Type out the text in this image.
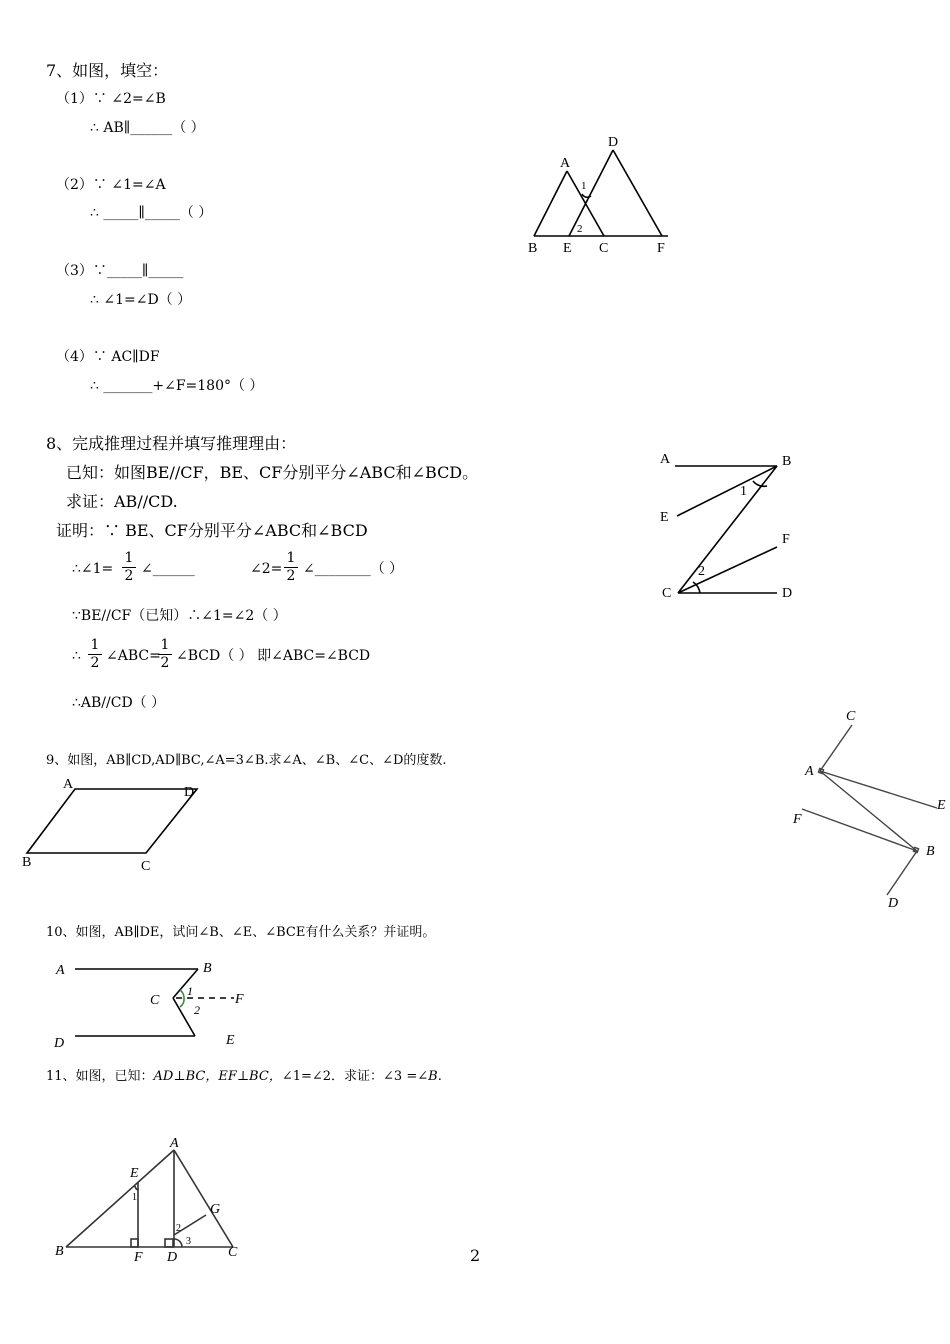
7、如图，填空：
（1）∵ ∠2=∠B
∴ AB∥______（ ）
（2）∵ ∠1=∠A
∴ _____∥_____（ ）
（3）∵_____∥_____
∴ ∠1=∠D（ ）
（4）∵ AC∥DF
∴ _______+∠F=180°（ ）
A
D
1
2
B E C	F
8、完成推理过程并填写推理理由：
已知：如图BE//CF，BE、CF分别平分∠ABC和∠BCD。
求证：AB//CD.
证明：∵ BE、CF分别平分∠ABC和∠BCD
∴∠1= $\frac{1}{2}$ ∠______	∠2= $\frac{1}{2}$ ∠________（ ）
∵BE//CF（已知）∴∠1=∠2（ ）
∴ $\frac{1}{2}$ ∠ABC=
$\frac{1}{2}$ ∠BCD（ ） 即∠ABC=∠BCD
∴AB//CD（ ）
A	B
E
1
F
2
C	D
9、如图，AB∥CD,AD∥BC,∠A=3∠B.求∠A、∠B、∠C、∠D的度数.
A
D
B	C
C
A
E
F
B
D
10、如图，AB∥DE，试问∠B、∠E、∠BCE有什么关系？并证明。
A	B
C
1
2
F
D	E
11、如图，已知：AD⊥BC，EF⊥BC，∠1=∠2．求证：∠3 =∠B.
A
E
1
G
2
3
B	F D	C	2
